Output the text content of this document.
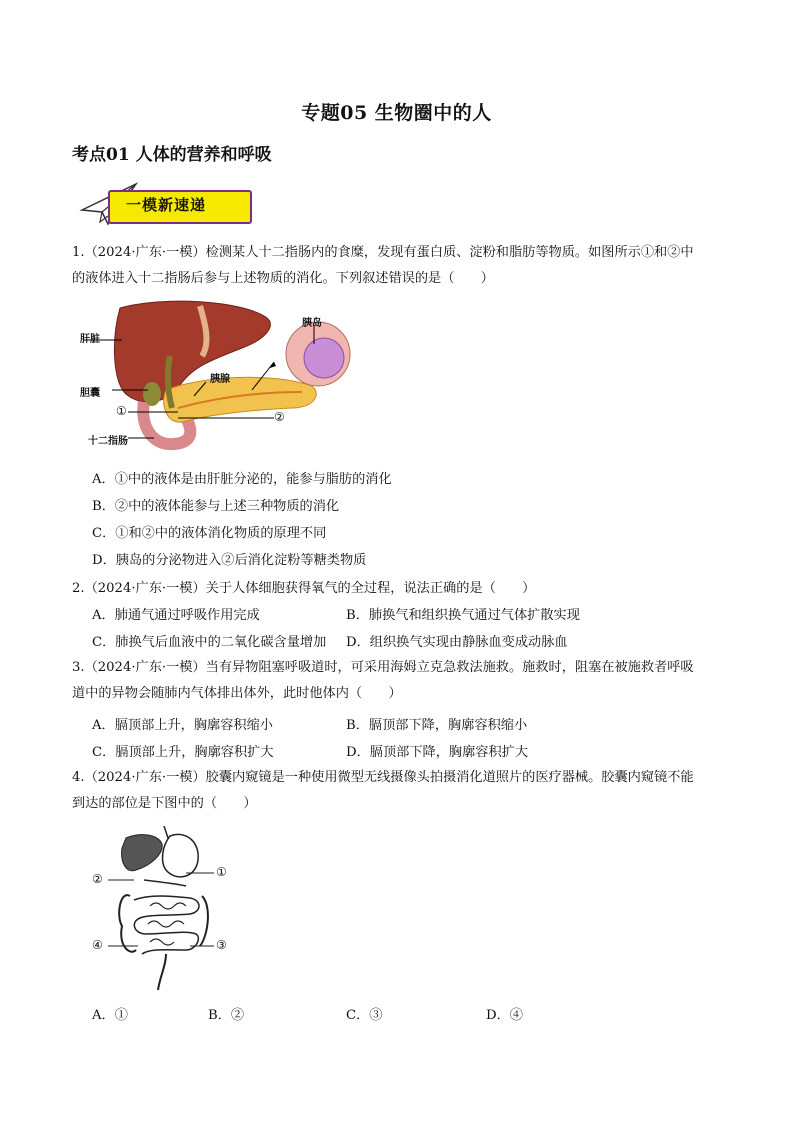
专题05 生物圈中的人
考点01 人体的营养和呼吸
一模新速递
1.（2024·广东·一模）检测某人十二指肠内的食糜，发现有蛋白质、淀粉和脂肪等物质。如图所示①和②中
的液体进入十二指肠后参与上述物质的消化。下列叙述错误的是（　　）
肝脏
胆囊
①	②
十二指肠
胰腺
胰岛
A．①中的液体是由肝脏分泌的，能参与脂肪的消化
B．②中的液体能参与上述三种物质的消化
C．①和②中的液体消化物质的原理不同
D．胰岛的分泌物进入②后消化淀粉等糖类物质
2.（2024·广东·一模）关于人体细胞获得氧气的全过程，说法正确的是（　　）
A．肺通气通过呼吸作用完成	B．肺换气和组织换气通过气体扩散实现
C．肺换气后血液中的二氧化碳含量增加 D．组织换气实现由静脉血变成动脉血
3.（2024·广东·一模）当有异物阻塞呼吸道时，可采用海姆立克急救法施救。施救时，阻塞在被施救者呼吸
道中的异物会随肺内气体排出体外，此时他体内（　　）
A．膈顶部上升，胸廓容积缩小	B．膈顶部下降，胸廓容积缩小
C．膈顶部上升，胸廓容积扩大	D．膈顶部下降，胸廓容积扩大
4.（2024·广东·一模）胶囊内窥镜是一种使用微型无线摄像头拍摄消化道照片的医疗器械。胶囊内窥镜不能
到达的部位是下图中的（　　）
②	①
④	③
A．①	B．②	C．③	D．④
